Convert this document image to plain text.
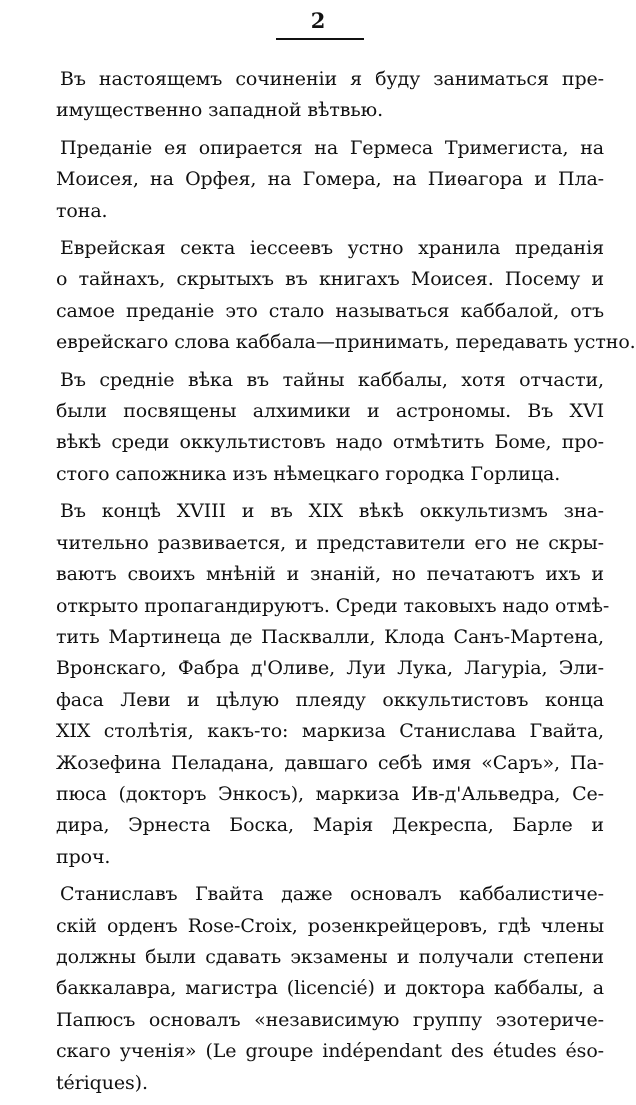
2
Въ настоящемъ сочиненiи я буду заниматься пре-
имущественно западной вѣтвью.
Преданiе ея опирается на Гермеса Тримегиста, на
Моисея, на Орфея, на Гомера, на Пиѳагора и Пла-
тона.
Еврейская секта iессеевъ устно хранила преданiя
о тайнахъ, скрытыхъ въ книгахъ Моисея. Посему и
самое преданiе это стало называться каббалой, отъ
еврейскаго слова каббала—принимать, передавать устно.
Въ средніе вѣка въ тайны каббалы, хотя отчасти,
были посвящены алхимики и астрономы. Въ XVI
вѣкѣ среди оккультистовъ надо отмѣтить Боме, про-
стого сапожника изъ нѣмецкаго городка Горлица.
Въ концѣ XVIII и въ XIX вѣкѣ оккультизмъ зна-
чительно развивается, и представители его не скры-
ваютъ своихъ мнѣнiй и знанiй, но печатаютъ ихъ и
открыто пропагандируютъ. Среди таковыхъ надо отмѣ-
тить Мартинеца де Пасквалли, Клода Санъ-Мартена,
Вронскаго, Фабра д'Оливе, Луи Лука, Лагуріа, Эли-
фаса Леви и цѣлую плеяду оккультистовъ конца
XIX столѣтiя, какъ-то: маркиза Станислава Гвайта,
Жозефина Пеладана, давшаго себѣ имя «Саръ», Па-
пюса (докторъ Энкосъ), маркиза Ив-д'Альведра, Се-
дира, Эрнеста Боска, Марія Декреспа, Барле и
проч.
Станиславъ Гвайта даже основалъ каббалистиче-
скiй орденъ Rose-Croix, розенкрейцеровъ, гдѣ члены
должны были сдавать экзамены и получали степени
баккалавра, магистра (licencié) и доктора каббалы, а
Папюсъ основалъ «независимую группу эзотериче-
скаго ученiя» (Le groupe indépendant des études éso-
tériques).
